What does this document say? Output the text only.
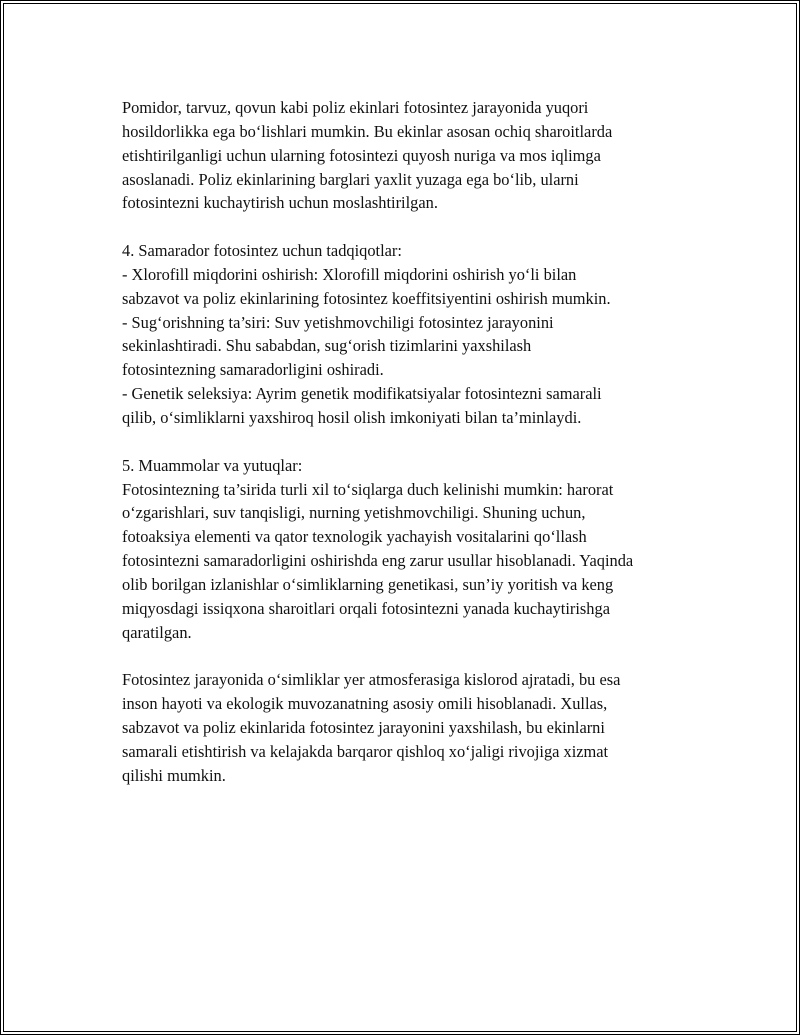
Pomidor, tarvuz, qovun kabi poliz ekinlari fotosintez jarayonida yuqori
hosildorlikka ega bo‘lishlari mumkin. Bu ekinlar asosan ochiq sharoitlarda
etishtirilganligi uchun ularning fotosintezi quyosh nuriga va mos iqlimga
asoslanadi. Poliz ekinlarining barglari yaxlit yuzaga ega bo‘lib, ularni
fotosintezni kuchaytirish uchun moslashtirilgan.
4. Samarador fotosintez uchun tadqiqotlar:
- Xlorofill miqdorini oshirish: Xlorofill miqdorini oshirish yo‘li bilan
sabzavot va poliz ekinlarining fotosintez koeffitsiyentini oshirish mumkin.
- Sug‘orishning ta’siri: Suv yetishmovchiligi fotosintez jarayonini
sekinlashtiradi. Shu sababdan, sug‘orish tizimlarini yaxshilash
fotosintezning samaradorligini oshiradi.
- Genetik seleksiya: Ayrim genetik modifikatsiyalar fotosintezni samarali
qilib, o‘simliklarni yaxshiroq hosil olish imkoniyati bilan ta’minlaydi.
5. Muammolar va yutuqlar:
Fotosintezning ta’sirida turli xil to‘siqlarga duch kelinishi mumkin: harorat
o‘zgarishlari, suv tanqisligi, nurning yetishmovchiligi. Shuning uchun,
fotoaksiya elementi va qator texnologik yachayish vositalarini qo‘llash
fotosintezni samaradorligini oshirishda eng zarur usullar hisoblanadi. Yaqinda
olib borilgan izlanishlar o‘simliklarning genetikasi, sun’iy yoritish va keng
miqyosdagi issiqxona sharoitlari orqali fotosintezni yanada kuchaytirishga
qaratilgan.
Fotosintez jarayonida o‘simliklar yer atmosferasiga kislorod ajratadi, bu esa
inson hayoti va ekologik muvozanatning asosiy omili hisoblanadi. Xullas,
sabzavot va poliz ekinlarida fotosintez jarayonini yaxshilash, bu ekinlarni
samarali etishtirish va kelajakda barqaror qishloq xo‘jaligi rivojiga xizmat
qilishi mumkin.
